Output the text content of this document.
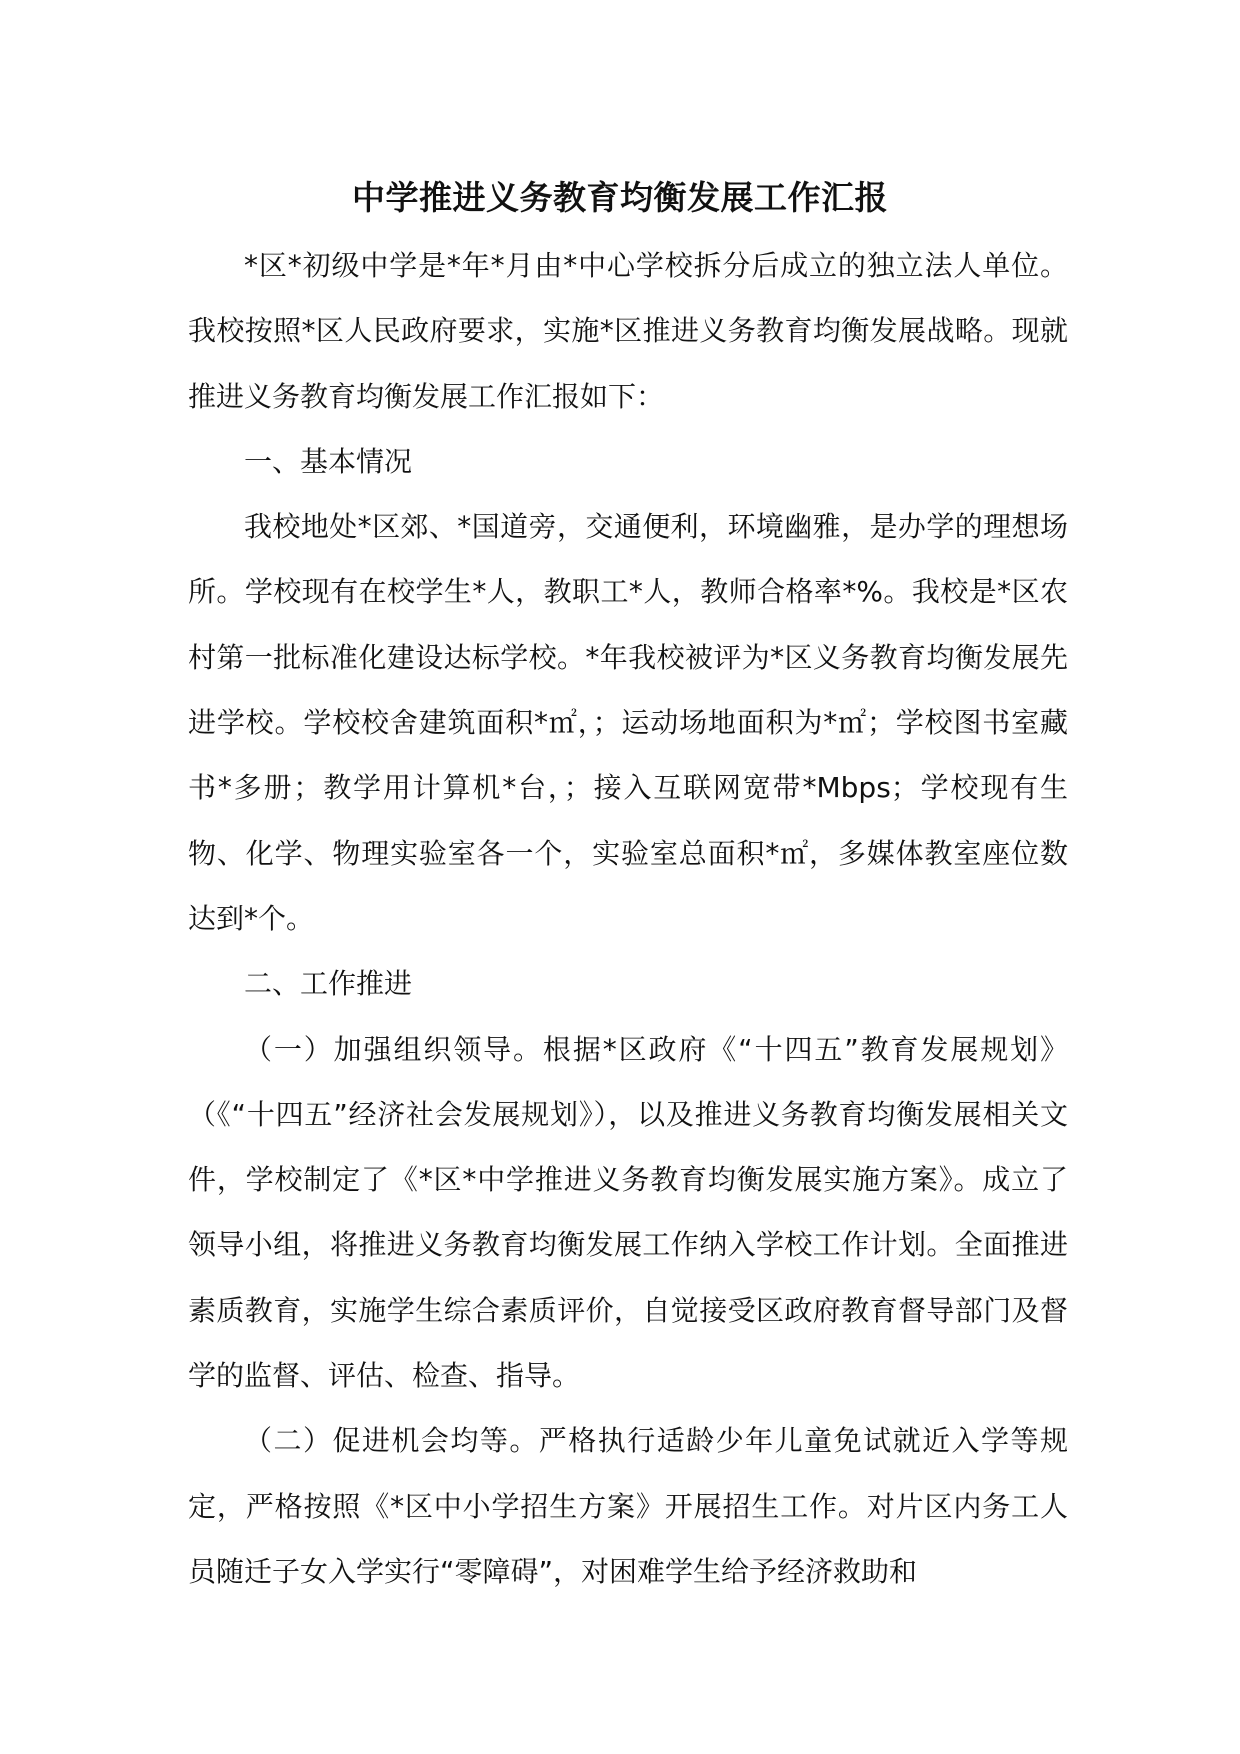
中学推进义务教育均衡发展工作汇报

*区*初级中学是*年*月由*中心学校拆分后成立的独立法人单位。我校按照*区人民政府要求，实施*区推进义务教育均衡发展战略。现就推进义务教育均衡发展工作汇报如下：

一、基本情况

我校地处*区郊、*国道旁，交通便利，环境幽雅，是办学的理想场所。学校现有在校学生*人，教职工*人，教师合格率*%。我校是*区农村第一批标准化建设达标学校。*年我校被评为*区义务教育均衡发展先进学校。学校校舍建筑面积*㎡，；运动场地面积为*㎡；学校图书室藏书*多册；教学用计算机*台，；接入互联网宽带*Mbps；学校现有生物、化学、物理实验室各一个，实验室总面积*㎡，多媒体教室座位数达到*个。

二、工作推进

（一）加强组织领导。根据*区政府《“十四五”教育发展规划》（《“十四五”经济社会发展规划》），以及推进义务教育均衡发展相关文件，学校制定了《*区*中学推进义务教育均衡发展实施方案》。成立了领导小组，将推进义务教育均衡发展工作纳入学校工作计划。全面推进素质教育，实施学生综合素质评价，自觉接受区政府教育督导部门及督学的监督、评估、检查、指导。

（二）促进机会均等。严格执行适龄少年儿童免试就近入学等规定，严格按照《*区中小学招生方案》开展招生工作。对片区内务工人员随迁子女入学实行“零障碍”，对困难学生给予经济救助和
